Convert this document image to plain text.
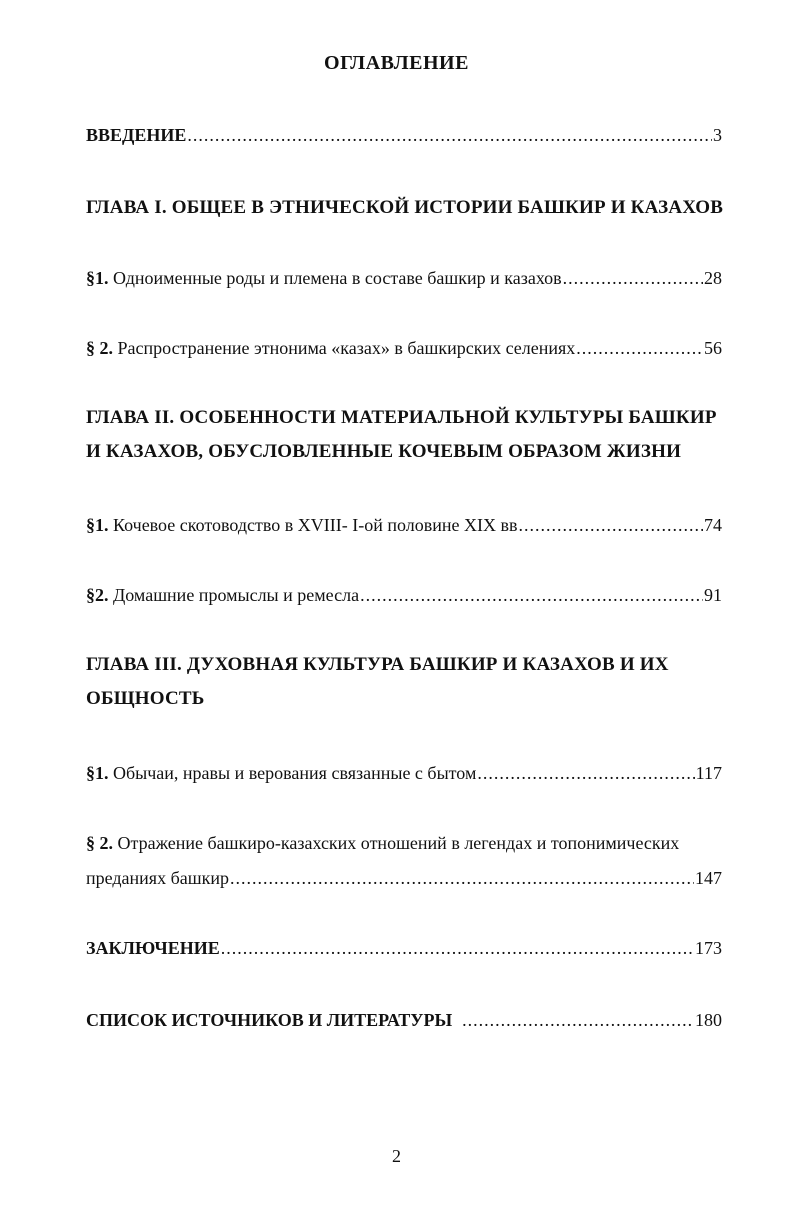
ОГЛАВЛЕНИЕ
ВВЕДЕНИЕ .....	3
ГЛАВА I. ОБЩЕЕ В ЭТНИЧЕСКОЙ ИСТОРИИ БАШКИР И КАЗАХОВ
§1. Одноименные роды и племена в составе башкир и казахов .....	28
§ 2. Распространение этнонима «казах» в башкирских селениях .....	56
ГЛАВА II. ОСОБЕННОСТИ МАТЕРИАЛЬНОЙ КУЛЬТУРЫ БАШКИР
И КАЗАХОВ, ОБУСЛОВЛЕННЫЕ КОЧЕВЫМ ОБРАЗОМ ЖИЗНИ
§1. Кочевое скотоводство в XVIII- I-ой половине XIX вв .....	74
§2. Домашние промыслы и ремесла .....	91
ГЛАВА III. ДУХОВНАЯ КУЛЬТУРА БАШКИР И КАЗАХОВ И ИХ
ОБЩНОСТЬ
§1. Обычаи, нравы и верования связанные с бытом .....	117
§ 2. Отражение башкиро-казахских отношений в легендах и топонимических
преданиях башкир .....	147
ЗАКЛЮЧЕНИЕ .....	173
СПИСОК ИСТОЧНИКОВ И ЛИТЕРАТУРЫ .....	180
2
